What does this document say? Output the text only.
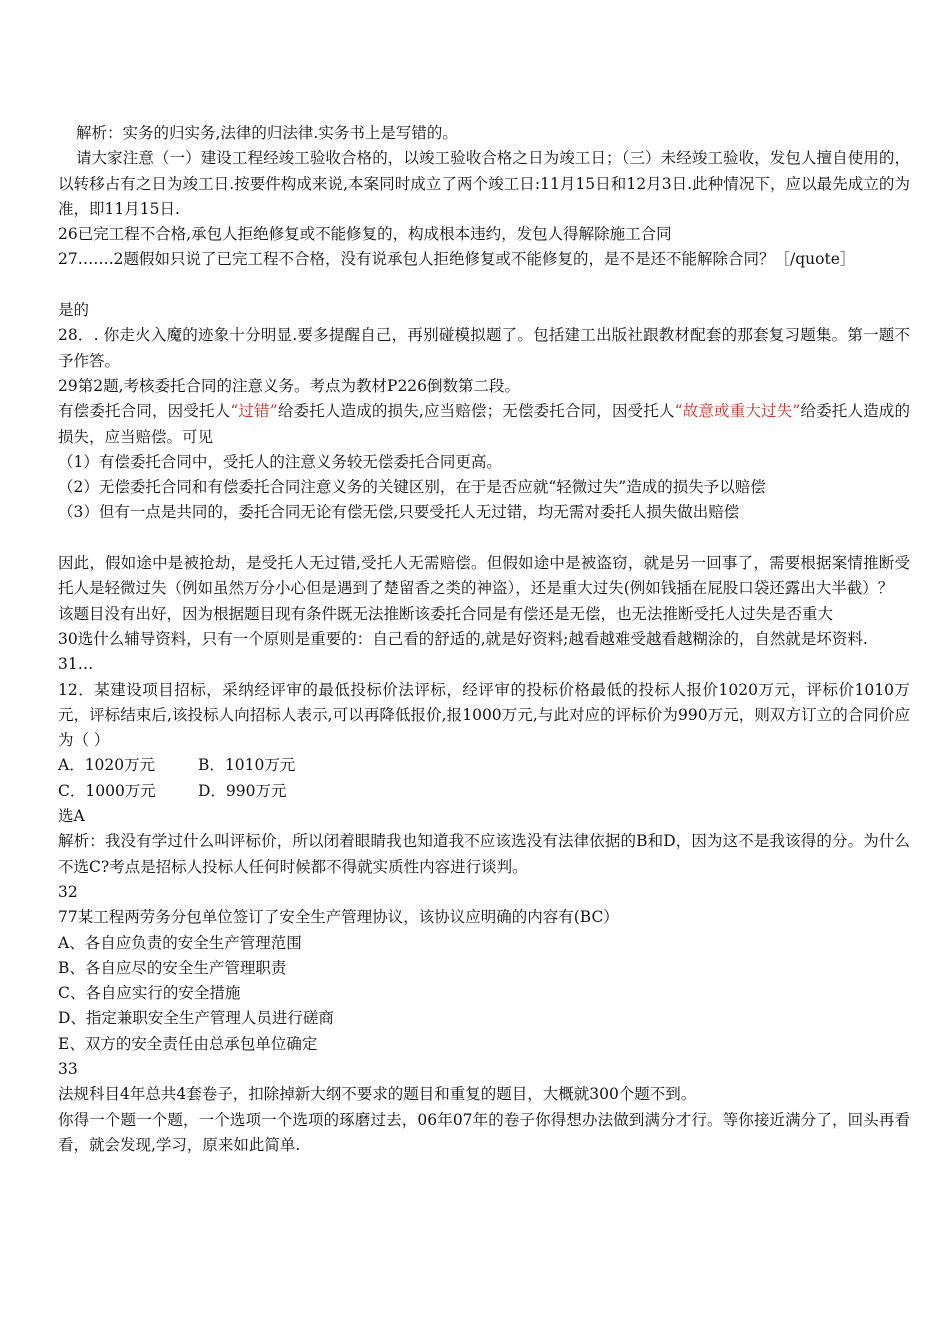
解析：实务的归实务,法律的归法律.实务书上是写错的。

请大家注意（一）建设工程经竣工验收合格的，以竣工验收合格之日为竣工日；（三）未经竣工验收，发包人擅自使用的，以转移占有之日为竣工日.按要件构成来说,本案同时成立了两个竣工日:11月15日和12月3日.此种情况下，应以最先成立的为准，即11月15日.

26已完工程不合格,承包人拒绝修复或不能修复的，构成根本违约，发包人得解除施工合同

27…….2题假如只说了已完工程不合格，没有说承包人拒绝修复或不能修复的，是不是还不能解除合同？［/quote］

是的

28．. 你走火入魔的迹象十分明显.要多提醒自己，再别碰模拟题了。包括建工出版社跟教材配套的那套复习题集。第一题不予作答。

29第2题,考核委托合同的注意义务。考点为教材P226倒数第二段。

有偿委托合同，因受托人“过错”给委托人造成的损失,应当赔偿；无偿委托合同，因受托人“故意或重大过失”给委托人造成的损失，应当赔偿。可见

（1）有偿委托合同中，受托人的注意义务较无偿委托合同更高。

（2）无偿委托合同和有偿委托合同注意义务的关键区别，在于是否应就“轻微过失”造成的损失予以赔偿

（3）但有一点是共同的，委托合同无论有偿无偿,只要受托人无过错，均无需对委托人损失做出赔偿

因此，假如途中是被抢劫，是受托人无过错,受托人无需赔偿。但假如途中是被盗窃，就是另一回事了，需要根据案情推断受托人是轻微过失（例如虽然万分小心但是遇到了楚留香之类的神盗），还是重大过失(例如钱插在屁股口袋还露出大半截）？

该题目没有出好，因为根据题目现有条件既无法推断该委托合同是有偿还是无偿，也无法推断受托人过失是否重大

30选什么辅导资料，只有一个原则是重要的：自己看的舒适的,就是好资料;越看越难受越看越糊涂的，自然就是坏资料.

31…

12．某建设项目招标，采纳经评审的最低投标价法评标，经评审的投标价格最低的投标人报价1020万元，评标价1010万元，评标结束后,该投标人向招标人表示,可以再降低报价,报1000万元,与此对应的评标价为990万元，则双方订立的合同价应为（ ）

A．1020万元	B．1010万元
C．1000万元	D．990万元

选A

解析：我没有学过什么叫评标价，所以闭着眼睛我也知道我不应该选没有法律依据的B和D，因为这不是我该得的分。为什么不选C?考点是招标人投标人任何时候都不得就实质性内容进行谈判。

32

77某工程两劳务分包单位签订了安全生产管理协议，该协议应明确的内容有(BC）

A、各自应负责的安全生产管理范围

B、各自应尽的安全生产管理职责

C、各自应实行的安全措施

D、指定兼职安全生产管理人员进行磋商

E、双方的安全责任由总承包单位确定

33

法规科目4年总共4套卷子，扣除掉新大纲不要求的题目和重复的题目，大概就300个题不到。

你得一个题一个题，一个选项一个选项的琢磨过去，06年07年的卷子你得想办法做到满分才行。等你接近满分了，回头再看看，就会发现,学习，原来如此简单.
